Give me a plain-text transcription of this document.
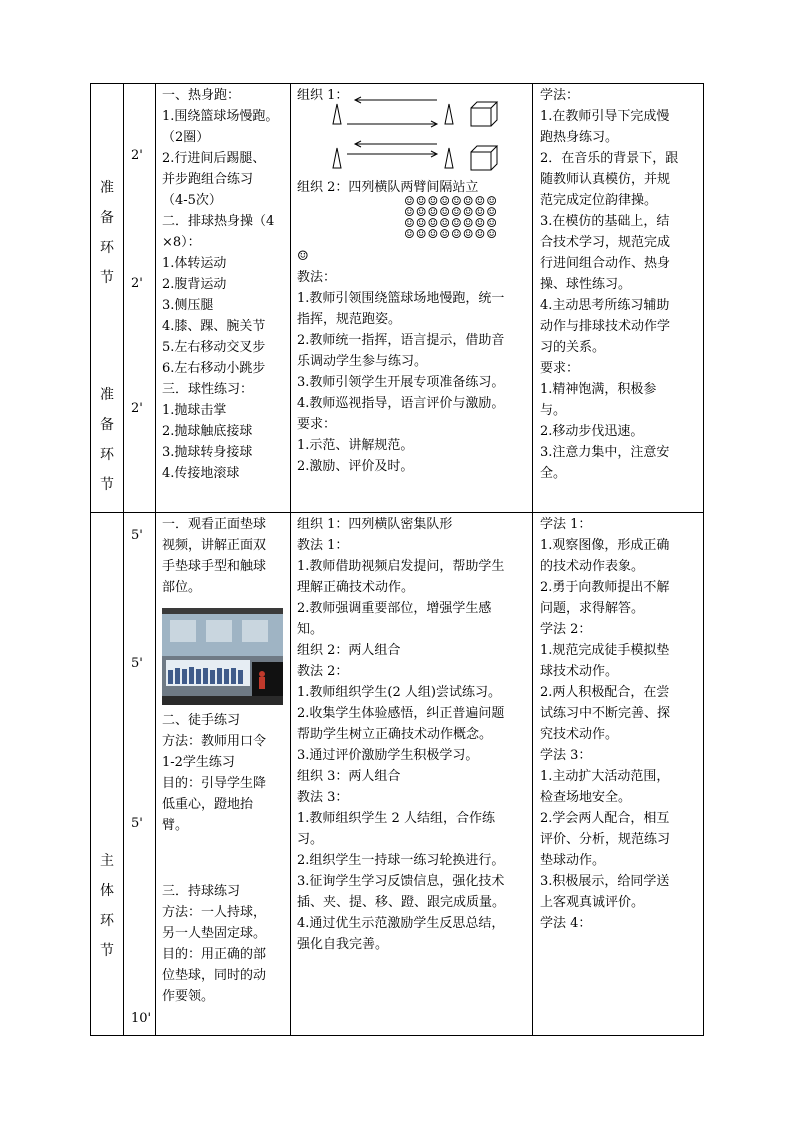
准
备
环
节
准
备
环
节
2'
2'
2'

一、热身跑：

1.围绕篮球场慢跑。

（2圈）

2.行进间后踢腿、

并步跑组合练习

（4-5次）

二．排球热身操（4

×8）：

1.体转运动

2.腹背运动

3.侧压腿

4.膝、踝、腕关节

5.左右移动交叉步

6.左右移动小跳步

三．球性练习：

1.抛球击掌

2.抛球触底接球

3.抛球转身接球

4.传接地滚球

组织 1：
组织 2：四列横队两臂间隔站立
☺☺☺☺☺☺☺☺
☺☺☺☺☺☺☺☺
☺☺☺☺☺☺☺☺
☺☺☺☺☺☺☺☺
☺

教法：

1.教师引领围绕篮球场地慢跑，统一

指挥，规范跑姿。

2.教师统一指挥，语言提示，借助音

乐调动学生参与练习。

3.教师引领学生开展专项准备练习。

4.教师巡视指导，语言评价与激励。

要求：

1.示范、讲解规范。

2.激励、评价及时。

学法：

1.在教师引导下完成慢

跑热身练习。

2．在音乐的背景下，跟

随教师认真模仿，并规

范完成定位韵律操。

3.在模仿的基础上，结

合技术学习，规范完成

行进间组合动作、热身

操、球性练习。

4.主动思考所练习辅助

动作与排球技术动作学

习的关系。

要求：

1.精神饱满，积极参

与。

2.移动步伐迅速。

3.注意力集中，注意安

全。

主
体
环
节
5'
5'
5'
10'

一．观看正面垫球

视频，讲解正面双

手垫球手型和触球

部位。

二、徒手练习

方法：教师用口令

1-2学生练习

目的：引导学生降

低重心，蹬地抬

臂。

三．持球练习

方法：一人持球，

另一人垫固定球。

目的：用正确的部

位垫球，同时的动

作要领。

组织 1：四列横队密集队形

教法 1：

1.教师借助视频启发提问，帮助学生

理解正确技术动作。

2.教师强调重要部位，增强学生感

知。

组织 2：两人组合

教法 2：

1.教师组织学生(2 人组)尝试练习。

2.收集学生体验感悟，纠正普遍问题

帮助学生树立正确技术动作概念。

3.通过评价激励学生积极学习。

组织 3：两人组合

教法 3：

1.教师组织学生 2 人结组，合作练

习。

2.组织学生一持球一练习轮换进行。

3.征询学生学习反馈信息，强化技术

插、夹、提、移、蹬、跟完成质量。

4.通过优生示范激励学生反思总结，

强化自我完善。

学法 1：

1.观察图像，形成正确

的技术动作表象。

2.勇于向教师提出不解

问题，求得解答。

学法 2：

1.规范完成徒手模拟垫

球技术动作。

2.两人积极配合，在尝

试练习中不断完善、探

究技术动作。

学法 3：

1.主动扩大活动范围，

检查场地安全。

2.学会两人配合，相互

评价、分析，规范练习

垫球动作。

3.积极展示，给同学送

上客观真诚评价。

学法 4：
